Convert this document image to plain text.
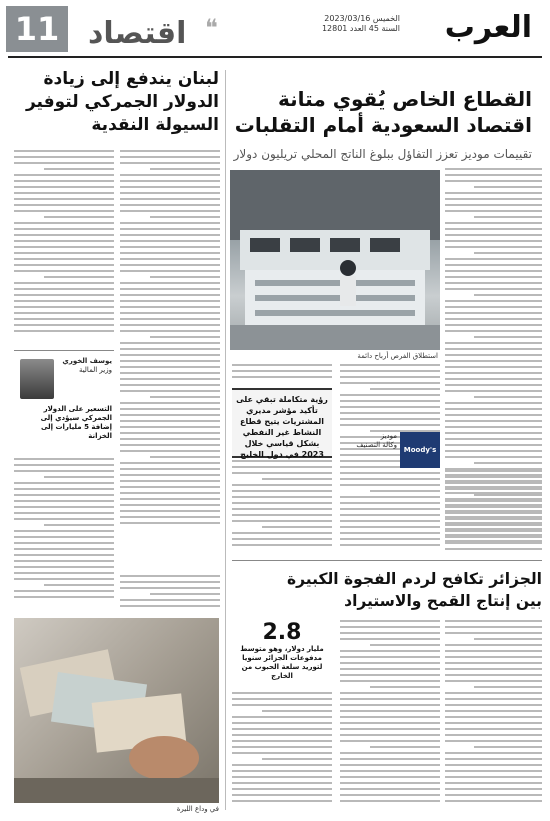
العرب
الخميس 2023/03/16
السنة 45 العدد 12801
❝
اقتصاد
11
القطاع الخاص يُقوي متانة
اقتصاد السعودية أمام التقلبات
تقييمات موديز تعزز التفاؤل ببلوغ الناتج المحلي تريليون دولار
استطلاق الفرص أرباح دائمة
Moody's
موديز
وكالة التصنيف
رؤية متكاملة تبقي على تأكيد مؤشر مديري المشتريات يتيح قطاع النشاط غير النفطي بشكل قياسي خلال 2023 في دول الخليج
لبنان يندفع إلى زيادة
الدولار الجمركي لتوفير
السيولة النقدية
يوسف الخوري
وزير المالية
التسعير على الدولار الجمركي سيؤدي إلى إضافة 5 مليارات إلى الخزانة
في وداع الليرة
الجزائر تكافح لردم الفجوة الكبيرة
بين إنتاج القمح والاستيراد
2.8
مليار دولار، وهو متوسط مدفوعات الجزائر سنويا لتوريد سلعة الحبوب من الخارج
